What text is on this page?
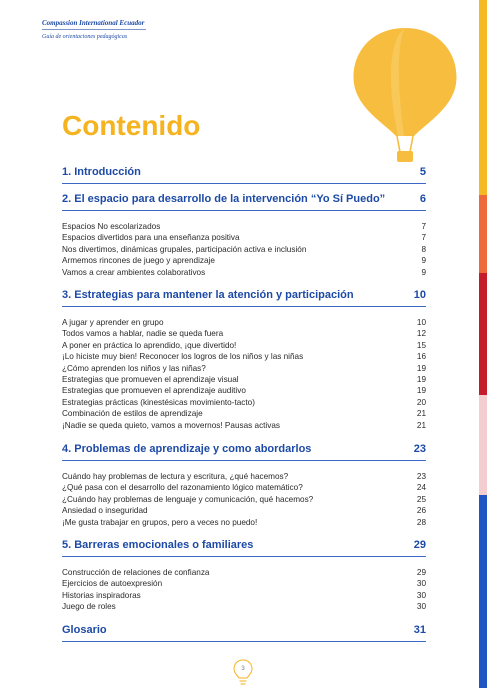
Compassion International Ecuador
Guía de orientaciones pedagógicas
Contenido
1. Introducción	5
2. El espacio para desarrollo de la intervención “Yo Sí Puedo”	6
Espacios No escolarizados	7
Espacios divertidos para una enseñanza positiva	7
Nos divertimos, dinámicas grupales, participación activa e inclusión	8
Armemos rincones de juego y aprendizaje	9
Vamos a crear ambientes colaborativos	9
3. Estrategias para mantener la atención y participación	10
A jugar y aprender en grupo	10
Todos vamos a hablar, nadie se queda fuera	12
A poner en práctica lo aprendido, ¡que divertido!	15
¡Lo hiciste muy bien! Reconocer los logros de los niños y las niñas	16
¿Cómo aprenden los niños y las niñas?	19
Estrategias que promueven el aprendizaje visual	19
Estrategias que promueven el aprendizaje auditivo	19
Estrategias prácticas (kinestésicas movimiento-tacto)	20
Combinación de estilos de aprendizaje	21
¡Nadie se queda quieto, vamos a movernos! Pausas activas	21
4. Problemas de aprendizaje y como abordarlos	23
Cuándo hay problemas de lectura y escritura, ¿qué hacemos?	23
¿Qué pasa con el desarrollo del razonamiento lógico matemático?	24
¿Cuándo hay problemas de lenguaje y comunicación, qué hacemos?	25
Ansiedad o inseguridad	26
¡Me gusta trabajar en grupos, pero a veces no puedo!	28
5. Barreras emocionales o familiares	29
Construcción de relaciones de confianza	29
Ejercicios de autoexpresión	30
Historias inspiradoras	30
Juego de roles	30
Glosario	31
3
